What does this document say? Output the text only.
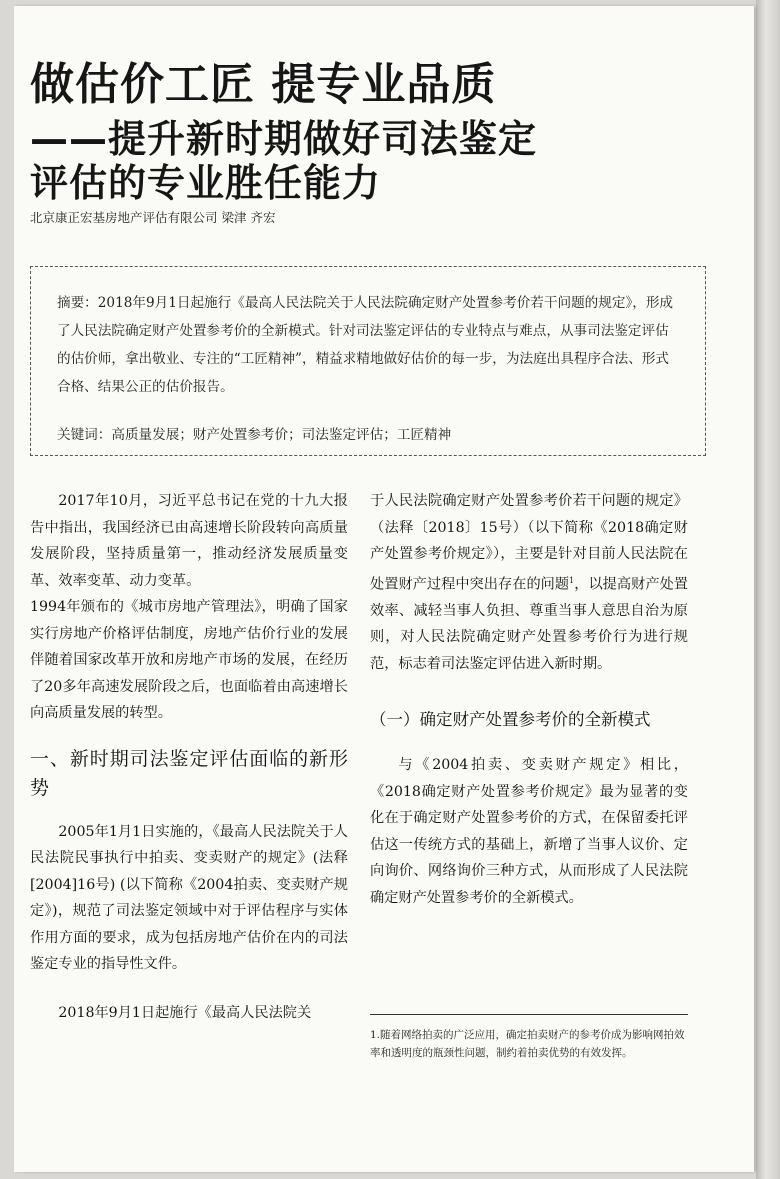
做估价工匠 提专业品质
——提升新时期做好司法鉴定
评估的专业胜任能力
北京康正宏基房地产评估有限公司 梁津 齐宏
摘要：2018年9月1日起施行《最高人民法院关于人民法院确定财产处置参考价若干问题的规定》，形成了人民法院确定财产处置参考价的全新模式。针对司法鉴定评估的专业特点与难点，从事司法鉴定评估的估价师，拿出敬业、专注的“工匠精神”，精益求精地做好估价的每一步，为法庭出具程序合法、形式合格、结果公正的估价报告。
关键词：高质量发展；财产处置参考价；司法鉴定评估；工匠精神

2017年10月，习近平总书记在党的十九大报告中指出，我国经济已由高速增长阶段转向高质量发展阶段，坚持质量第一，推动经济发展质量变革、效率变革、动力变革。

1994年颁布的《城市房地产管理法》，明确了国家实行房地产价格评估制度，房地产估价行业的发展伴随着国家改革开放和房地产市场的发展，在经历了20多年高速发展阶段之后，也面临着由高速增长向高质量发展的转型。

一、新时期司法鉴定评估面临的新形势

2005年1月1日实施的，《最高人民法院关于人民法院民事执行中拍卖、变卖财产的规定》(法释[2004]16号) (以下简称《2004拍卖、变卖财产规定》)，规范了司法鉴定领域中对于评估程序与实体作用方面的要求，成为包括房地产估价在内的司法鉴定专业的指导性文件。

2018年9月1日起施行《最高人民法院关

于人民法院确定财产处置参考价若干问题的规定》（法释〔2018〕15号）（以下简称《2018确定财产处置参考价规定》），主要是针对目前人民法院在处置财产过程中突出存在的问题$^1$，以提高财产处置效率、减轻当事人负担、尊重当事人意思自治为原则，对人民法院确定财产处置参考价行为进行规范，标志着司法鉴定评估进入新时期。

（一）确定财产处置参考价的全新模式

与《2004拍卖、变卖财产规定》相比，《2018确定财产处置参考价规定》最为显著的变化在于确定财产处置参考价的方式，在保留委托评估这一传统方式的基础上，新增了当事人议价、定向询价、网络询价三种方式，从而形成了人民法院确定财产处置参考价的全新模式。

1.随着网络拍卖的广泛应用，确定拍卖财产的参考价成为影响网拍效率和透明度的瓶颈性问题，制约着拍卖优势的有效发挥。
